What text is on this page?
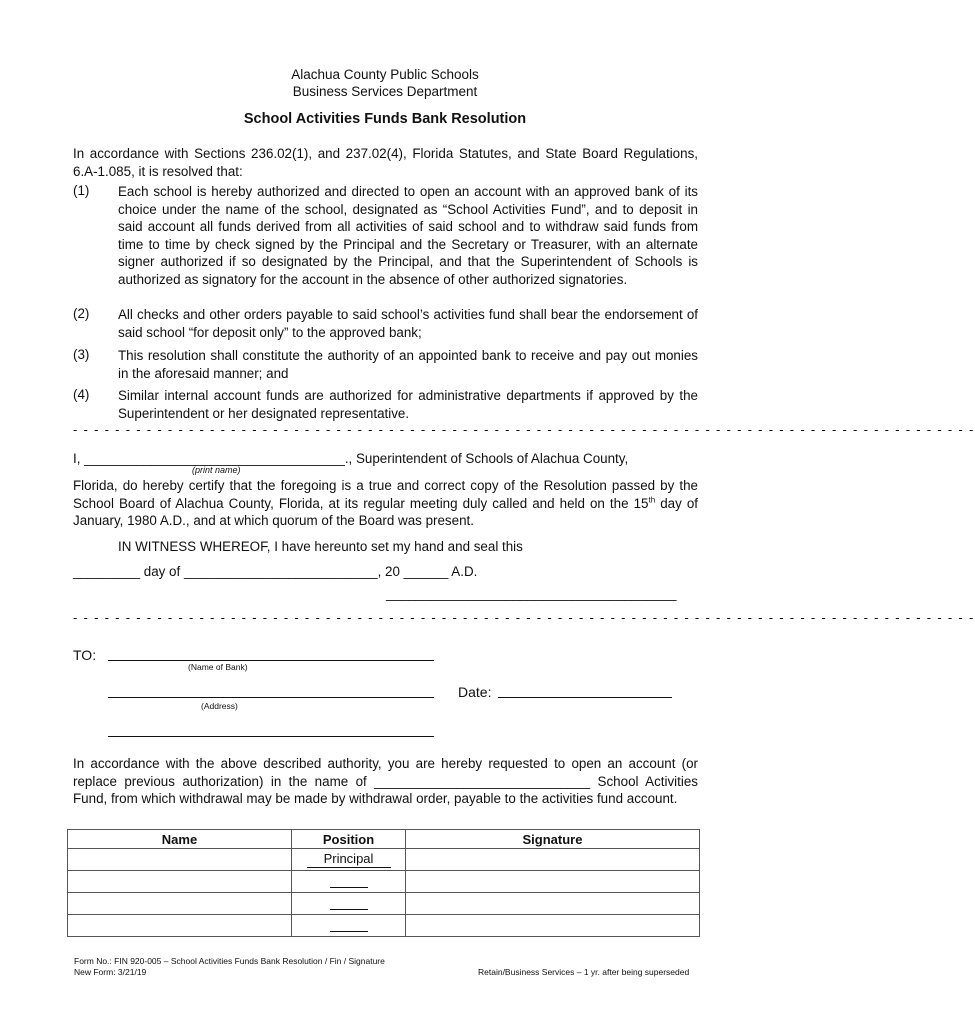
Alachua County Public Schools
Business Services Department
School Activities Funds Bank Resolution
In accordance with Sections 236.02(1), and 237.02(4), Florida Statutes, and State Board Regulations, 6.A-1.085, it is resolved that:
(1) Each school is hereby authorized and directed to open an account with an approved bank of its choice under the name of the school, designated as “School Activities Fund”, and to deposit in said account all funds derived from all activities of said school and to withdraw said funds from time to time by check signed by the Principal and the Secretary or Treasurer, with an alternate signer authorized if so designated by the Principal, and that the Superintendent of Schools is authorized as signatory for the account in the absence of other authorized signatories.
(2) All checks and other orders payable to said school’s activities fund shall bear the endorsement of said school “for deposit only” to the approved bank;
(3) This resolution shall constitute the authority of an appointed bank to receive and pay out monies in the aforesaid manner; and
(4) Similar internal account funds are authorized for administrative departments if approved by the Superintendent or her designated representative.
- - - - - - - - - - - - - - - - - - - - - - - - - - - - - - - - - - - - - - - - - - - - - - - - - - - - - - - - - - - - - - - - - - - - - - - - - - - - - - - - - - - - - -
I, ___________________________________., Superintendent of Schools of Alachua County,
(print name)
Florida, do hereby certify that the foregoing is a true and correct copy of the Resolution passed by the School Board of Alachua County, Florida, at its regular meeting duly called and held on the 15th day of January, 1980 A.D., and at which quorum of the Board was present.
IN WITNESS WHEREOF, I have hereunto set my hand and seal this
_________ day of __________________________, 20 ______ A.D.
_______________________________________
- - - - - - - - - - - - - - - - - - - - - - - - - - - - - - - - - - - - - - - - - - - - - - - - - - - - - - - - - - - - - - - - - - - - - - - - - - - - - - - - - - - - - -
TO:
(Name of Bank)
(Address)
Date:
In accordance with the above described authority, you are hereby requested to open an account (or replace previous authorization) in the name of _____________________________ School Activities Fund, from which withdrawal may be made by withdrawal order, payable to the activities fund account.
Name	Position	Signature
	Principal	

Form No.: FIN 920-005 – School Activities Funds Bank Resolution / Fin / Signature
New Form: 3/21/19	Retain/Business Services – 1 yr. after being superseded
